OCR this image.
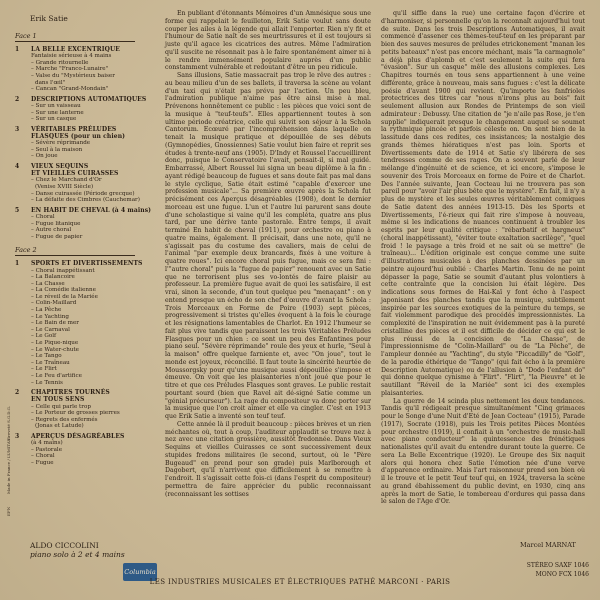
Erik Satie
Face 1
1 LA BELLE EXCENTRIQUE
Fantaisie sérieuse à 4 mains
– Grande ritournelle
– Marche "Franco-Lunaire"
– Valse du "Mystérieux baiser
dans l'œil"
– Cancan "Grand-Mondain"
2 DESCRIPTIONS AUTOMATIQUES
– Sur un vaisseau
– Sur une lanterne
– Sur un casque
3 VÉRITABLES PRÉLUDES
FLASQUES (pour un chien)
– Sévère réprimande
– Seul à la maison
– On joue
4 VIEUX SEQUINS
ET VIEILLES CUIRASSES
– Chez le Marchand d'Or
(Venise XVIII Siècle)
– Danse cuirassée (Période grecque)
– La défaite des Cimbres (Cauchemar)
5 EN HABIT DE CHEVAL (à 4 mains)
– Choral
– Fugue litanique
– Autre choral
– Fugue de papier
Face 2
1 SPORTS ET DIVERTISSEMENTS
– Choral inappétissant
– La Balancoire
– La Chasse
– La Comédie italienne
– Le réveil de la Mariée
– Colin-Maillard
– La Pêche
– Le Yachting
– Le Bain de mer
– Le Carnaval
– Le Golf
– Le Pique-nique
– Le Water-chute
– Le Tango
– Le Traîneau
– Le Flirt
– Le Feu d'artifice
– Le Tennis
2 CHAPITRES TOURNÉS
EN TOUS SENS
– Celle qui parle trop
– Le Porteur de grosses pierres
– Regrets des enfermés
(Jonas et Latude)
3 APERÇUS DÉSAGRÉABLES
(à 4 mains)
– Pastorale
– Choral
– Fugue
ALDO CICCOLINI
piano solo à 2 et 4 mains
EFN
Made in France / LUMITAY
Breveté S.G.D.G.
Columbia

En publiant d'étonnants Mémoires d'un Amnésique sous une forme qui rappelait le feuilleton, Erik Satie voulut sans doute couper les ailes à la légende qui allait l'emporter. Rien n'y fit et l'humour de Satie naît de ses meurtrissures et il est toujours si juste qu'il agace les cicatrices des autres. Même l'admiration qu'il suscite ne résonnait pas à le faire spontanément aimer ni à le rendre immensément populaire auprès d'un public constamment vulnérable et redoutant d'être un peu ridicule.

Sans illusions, Satie massacrait pas trop le rêve des autres : au beau milieu d'un de ses ballets, il traversa la scène au volant d'un taxi qui n'était pas prévu par l'action. Un peu bleu, l'admiration publique n'aime pas être ainsi mise à mal. Prévenons honnêtement ce public : les pièces que voici sont de la musique à "teuf-teufs". Elles appartiennent toutes à son ultime période créatrice, celle qui suivit son séjour à la Schola Cantorum. Ecœuré par l'incompréhension dans laquelle on tenait la musique pratique et dépouillée de ses débuts (Gymnopédies, Gnossiennes) Satie voulut bien faire et reprit ses études à trente-neuf ans (1905). D'Indy et Roussel l'accueillirent donc, puisque le Conservatoire l'avait, pensait-il, si mal guidé. Embarrassé, Albert Roussel lui signa un beau diplôme à la fin : ayant rédigé beaucoup de fugues et sans doute fait pas mal dans le style cyclique, Satie était estimé "capable d'exercer une profession musicale"... Sa première œuvre après la Schola fut précisément ces Aperçus désagréables (1908), dont le dernier morceau est une fugue. L'un et l'autre lui parurent sans doute d'une scholastique si vaine qu'il les compléta, quatre ans plus tard, par une dérive tante pastorale. Entre temps, il avait terminé En habit de cheval (1911), pour orchestre ou piano à quatre mains, également. Il précisait, dans une note, qu'il ne s'agissait pas du costume des cavaliers, mais de celui de l'animal "par exemple deux brancards, fixés à une voiture à quatre roues". Ici encore choral puis fugue, mais ce sera fini : l'"autre choral" puis la "fugue de papier" renouent avec un Satie que ne terrorisent plus ses vo-lontés de faire plaisir au professeur. La première fugue avait de quoi les satisfaire, il est vrai, sinon la seconde, d'un tout quelque peu "menaçant" : on y entend presque un écho de son chef d'œuvre d'avant la Schola : Trois Morceaux en Forme de Poire (1903) sept pièces, progressivement si tristes qu'elles évoquent à la fois le courage et les résignations lamentables de Charlot. En 1912 l'humeur se fait plus vive tandis que paraissent les trois Véritables Préludes Flasques pour un chien : ce sont un peu des Enfantines pour piano seul. "Sévère réprimande" roule des yeux et hurle, "Seul à la maison" offre quelque farniente et, avec "On joue", tout le monde est joyeux, réconcilié. Il faut toute la sincérité heurtée de Moussorgsky pour qu'une musique aussi dépouillée s'impose et émeuve. On voit que les plaisanteries n'ont joué que pour le titre et que ces Préludes Flasques sont graves. Le public restait pourtant sourd (bien que Ravel ait dé-signé Satie comme un "génial précurseur"). La rage du compositeur va donc porter sur la musique que l'on croit aimer et elle va cingler. C'est en 1913 que Erik Satie a inventé son teuf teuf.

Cette année là il produit beaucoup : pièces brèves et un rien méchantes où, tout à coup, l'auditeur applaudit se trouve nez à nez avec une citation grossière, aussitôt fredonnée. Dans Vieux Sequins et vieilles Cuirasses ce sont successivement deux stupides fredons militaires (le second, surtout, où le "Père Bugeaud" en prend pour son grade) puis Marlborough et Dagobert, qu'il n'arrivent que difficilement à se remettre à l'endroit. Il s'agissait cette fois-ci (dans l'esprit du compositeur) permettra de faire apprécier du public reconnaissant (reconnaissant les sottises

qu'il siffle dans la rue) une certaine façon d'écrire et d'harmoniser, si personnelle qu'on la reconnaît aujourd'hui tout de suite. Dans les trois Descriptions Automatiques, il avait commencé d'assener ces thèmes-teuf-teuf en les préparant par bien des sauves mesures de préludes etrickonement "manan les petits bateaux" n'est pas encore méchant, mais "la carmagnole" a déjà plus d'aplomb et c'est seulement la suite qui fera "évasion". Sur un casque" mêle des allusions complexes. Les Chapitres tournés en tous sens appartiennent à une veine différente, grâce à nouveau, mais sans fugues : c'est la délicate poésie d'avant 1900 qui revient. Qu'importe les fanfrioles protectrices des titres car "nous n'irons plus au bois" fait seulement allusion aux Rondes de Printemps de son vieil admirateur : Debussy. Une citation de "je n'aile pas Rose, je t'en supplie" indiquerait presque le changement auquel se soumet la rythmique pincée et parfois céleste on. On sent bien de la lassitude dans ces redites, ces insistances; la nostalgie des grands thèmes hiératiques n'est pas loin. Sports et Divertissements date de 1914 et Satie s'y libérera de ses tendresses comme de ses rages. On a souvent parlé de leur mélange d'ingénuité et de science, et ici encore, s'impose le souvenir des Trois Morceaux en forme de Poire et de Charlot. Des l'année suivante, Jean Cocteau lui ne trouvera pas son pareil pour "avoir l'air plus bête que le mystère". En fait, il n'y a plus de mystère et les seules œuvres véritablement comiques de Satie datent des années 1913-15. Dès les Sports et Divertissements, l'é-rieux qui fait rire s'impose à nouveau, même si les indications de nuances continuent à troubler les esprits par leur qualité critique : "rébarbatif et hargneux" (choral inappétissant), "éviter toute exaltation sacrilège", "quel froid ! le paysage a très froid et ne sait où se mettre" (le traîneau)... L'édition originale est conçue comme une suite d'illustrations musicales à des planches dessinées par un peintre aujourd'hui oublié : Charles Martin. Tenu de ne point dépasser la page, Satie se soumit d'autant plus volontiers à cette contrainte que la concision lui était légère. Des indications sous formes de Hai-Kaï y font écho à l'aspect japonisant des planches tandis que la musique, subtilement inspirée par les sources exotiques de la peinture du temps, se fait violemment parodique des procédés impressionnistes. La complexité de l'inspiration ne nuit évidemment pas à la pureté cristalline des pièces et il est difficile de décider ce qui est le plus réussi de la concision de "La Chasse", de l'impressionnisme de "Colin-Maillard" ou de "La Pêche", de l'ampleur donnée au "Yachting", du style "Piccadilly" de "Golf", de la parodie éthérique de "Tango" (qui fait écho à la première Description Automatique) ou de l'allusion à "Dodo l'enfant do" qui donne quelque cynisme à "Flirt". "Flirt", "la Pieuvre" et le sautillant "Réveil de la Mariée" sont ici des exemples plaisanteries.

La guerre de 14 scinda plus nettement les deux tendances. Tandis qu'il rédigeait presque simultanément "Cinq grimaces pour le Songe d'une Nuit d'Eté de Jean Cocteau" (1915), Parade (1917), Socrate (1918), puis les Trois petites Pièces Montées pour orchestre (1919), il confiait à un "orchestre de music-hall avec piano conducteur" la quintessence des frénétiques nationalistes qu'il avait du entendre durant toute la guerre. Ce sera La Belle Excentrique (1920). Le Groupe des Six naquit alors qui honora chez Satie l'émotion née d'une verve d'apparence ordinaire. Mais l'art raisonneur prend son bien où il le trouve et le petit Teuf teuf qui, en 1924, traversa la scène au grand ébahissement du public devint, en 1930, cinq ans après la mort de Satie, le tombereau d'ordures qui passa dans le salon de l'Age d'Or.

Marcel MARNAT
STÉREO SAXF 1046
MONO FCX 1046
LES INDUSTRIES MUSICALES ET ÉLECTRIQUES PATHÉ MARCONI · PARIS
